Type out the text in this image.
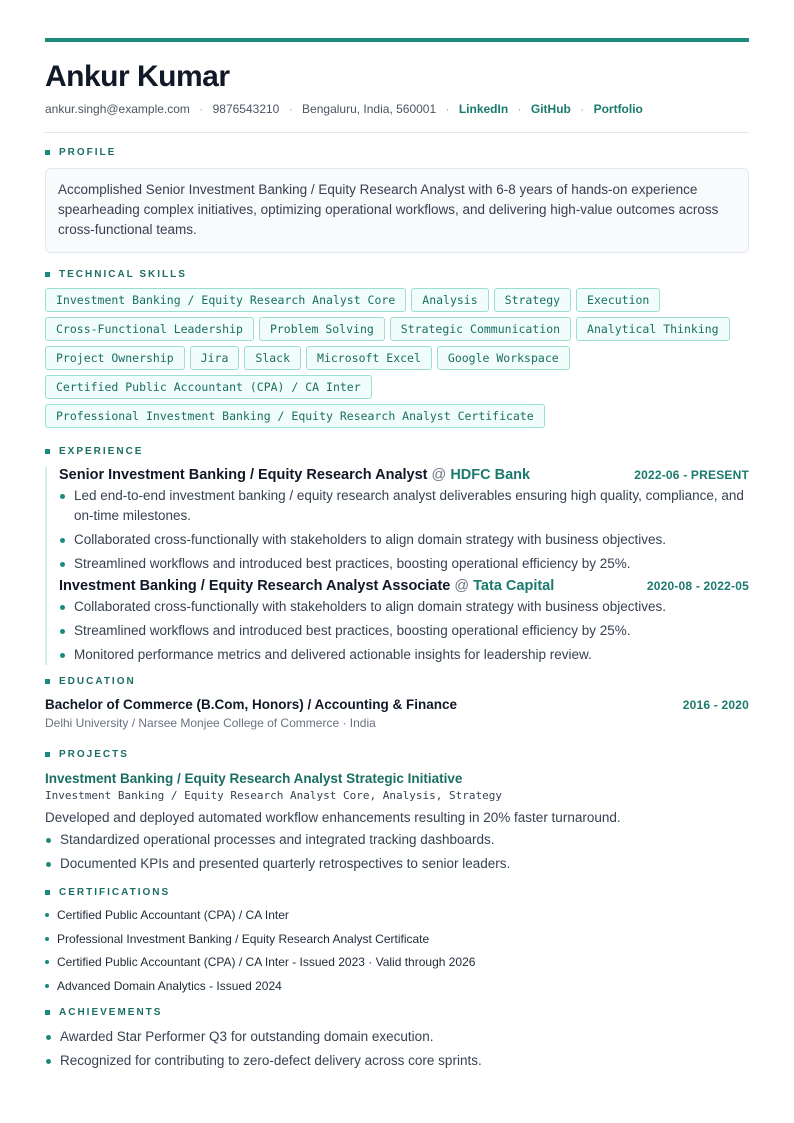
Ankur Kumar
ankur.singh@example.com · 9876543210 · Bengaluru, India, 560001 · LinkedIn · GitHub · Portfolio
PROFILE
Accomplished Senior Investment Banking / Equity Research Analyst with 6-8 years of hands-on experience spearheading complex initiatives, optimizing operational workflows, and delivering high-value outcomes across cross-functional teams.
TECHNICAL SKILLS
Investment Banking / Equity Research Analyst Core	Analysis	Strategy	Execution
Cross-Functional Leadership	Problem Solving	Strategic Communication	Analytical Thinking
Project Ownership	Jira	Slack	Microsoft Excel	Google Workspace
Certified Public Accountant (CPA) / CA Inter
Professional Investment Banking / Equity Research Analyst Certificate
EXPERIENCE
Senior Investment Banking / Equity Research Analyst @ HDFC Bank	2022-06 - PRESENT
Led end-to-end investment banking / equity research analyst deliverables ensuring high quality, compliance, and on-time milestones.
Collaborated cross-functionally with stakeholders to align domain strategy with business objectives.
Streamlined workflows and introduced best practices, boosting operational efficiency by 25%.
Investment Banking / Equity Research Analyst Associate @ Tata Capital	2020-08 - 2022-05
Collaborated cross-functionally with stakeholders to align domain strategy with business objectives.
Streamlined workflows and introduced best practices, boosting operational efficiency by 25%.
Monitored performance metrics and delivered actionable insights for leadership review.
EDUCATION
Bachelor of Commerce (B.Com, Honors) / Accounting & Finance	2016 - 2020
Delhi University / Narsee Monjee College of Commerce · India
PROJECTS
Investment Banking / Equity Research Analyst Strategic Initiative
Investment Banking / Equity Research Analyst Core, Analysis, Strategy
Developed and deployed automated workflow enhancements resulting in 20% faster turnaround.
Standardized operational processes and integrated tracking dashboards.
Documented KPIs and presented quarterly retrospectives to senior leaders.
CERTIFICATIONS
Certified Public Accountant (CPA) / CA Inter
Professional Investment Banking / Equity Research Analyst Certificate
Certified Public Accountant (CPA) / CA Inter - Issued 2023 · Valid through 2026
Advanced Domain Analytics - Issued 2024
ACHIEVEMENTS
Awarded Star Performer Q3 for outstanding domain execution.
Recognized for contributing to zero-defect delivery across core sprints.
